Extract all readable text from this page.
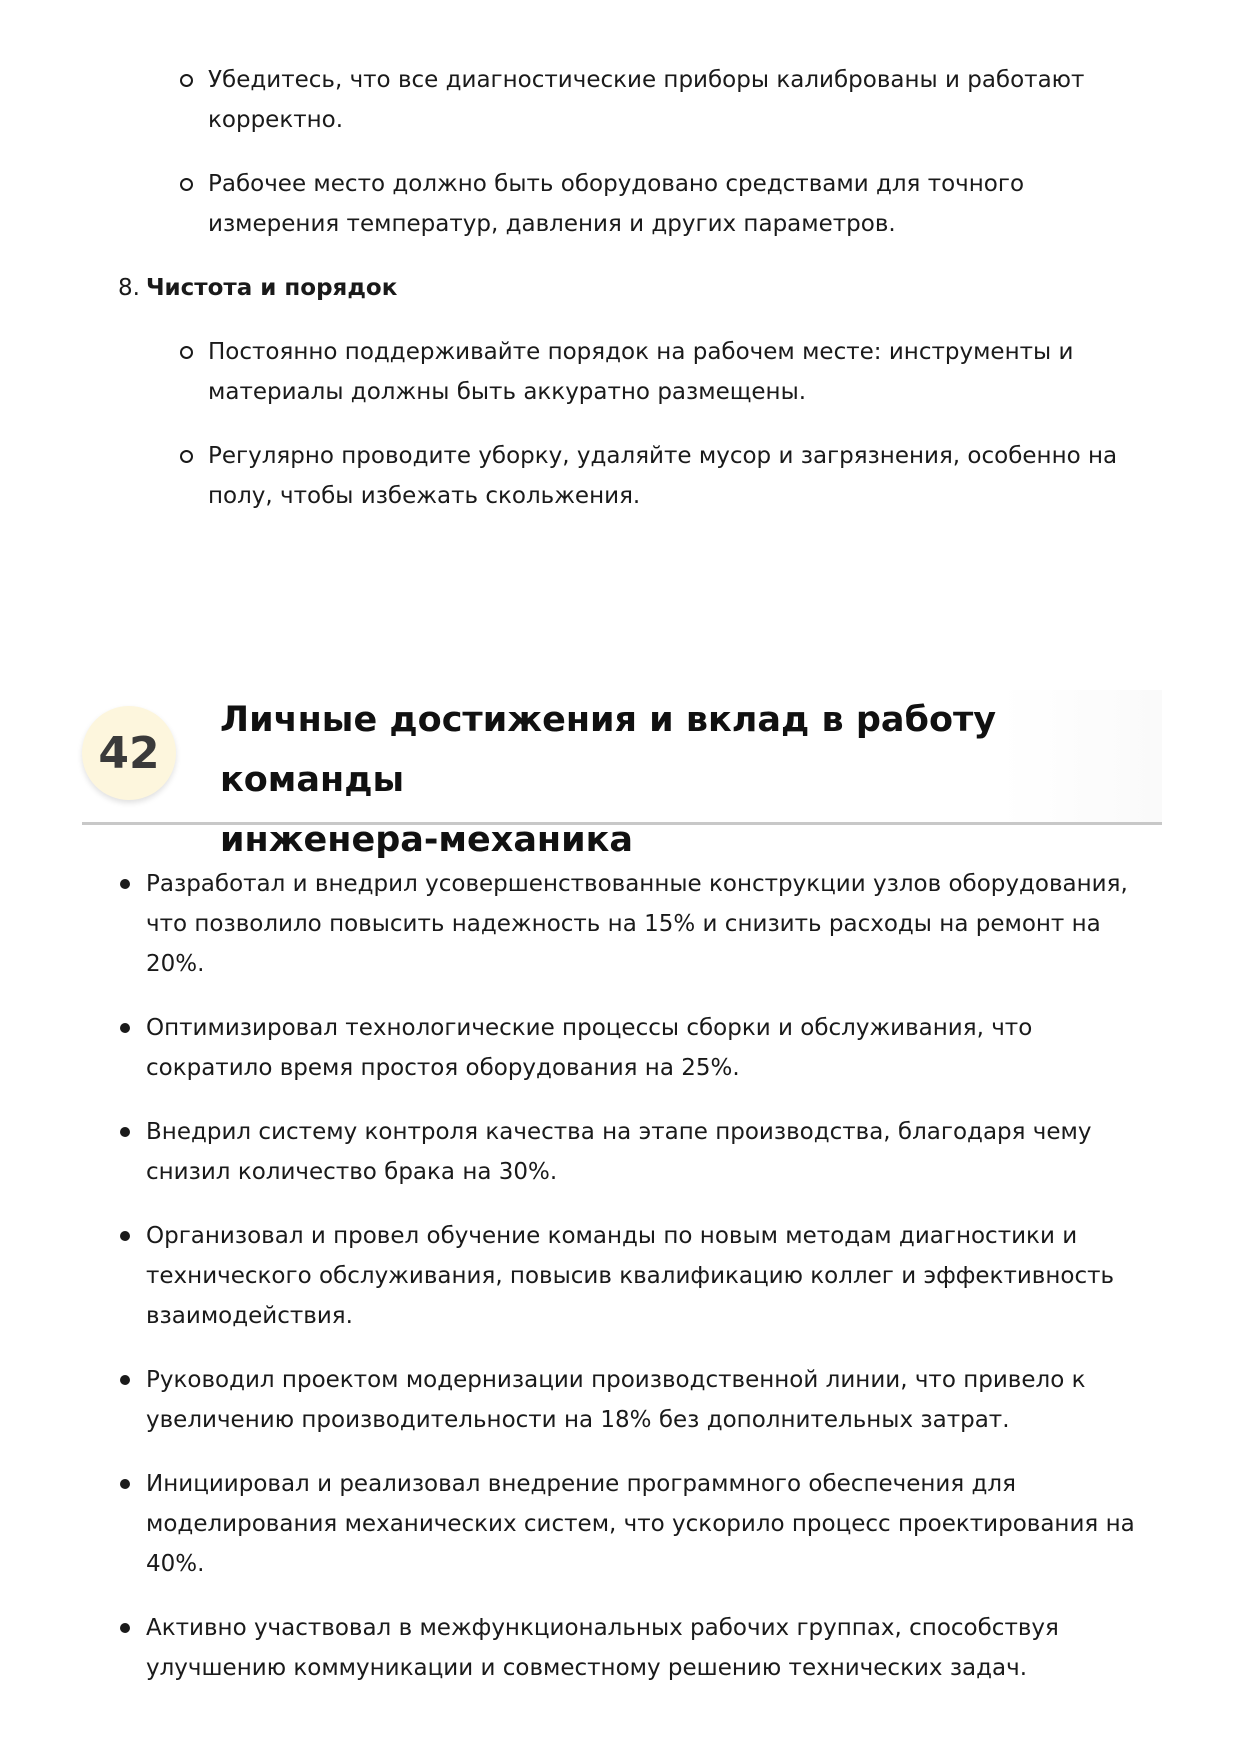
Убедитесь, что все диагностические приборы калиброваны и работают корректно.
Рабочее место должно быть оборудовано средствами для точного измерения температур, давления и других параметров.
8. Чистота и порядок
Постоянно поддерживайте порядок на рабочем месте: инструменты и материалы должны быть аккуратно размещены.
Регулярно проводите уборку, удаляйте мусор и загрязнения, особенно на полу, чтобы избежать скольжения.
42
Личные достижения и вклад в работу команды
инженера-механика
Разработал и внедрил усовершенствованные конструкции узлов оборудования, что позволило повысить надежность на 15% и снизить расходы на ремонт на 20%.
Оптимизировал технологические процессы сборки и обслуживания, что сократило время простоя оборудования на 25%.
Внедрил систему контроля качества на этапе производства, благодаря чему снизил количество брака на 30%.
Организовал и провел обучение команды по новым методам диагностики и технического обслуживания, повысив квалификацию коллег и эффективность взаимодействия.
Руководил проектом модернизации производственной линии, что привело к увеличению производительности на 18% без дополнительных затрат.
Инициировал и реализовал внедрение программного обеспечения для моделирования механических систем, что ускорило процесс проектирования на 40%.
Активно участвовал в межфункциональных рабочих группах, способствуя улучшению коммуникации и совместному решению технических задач.
